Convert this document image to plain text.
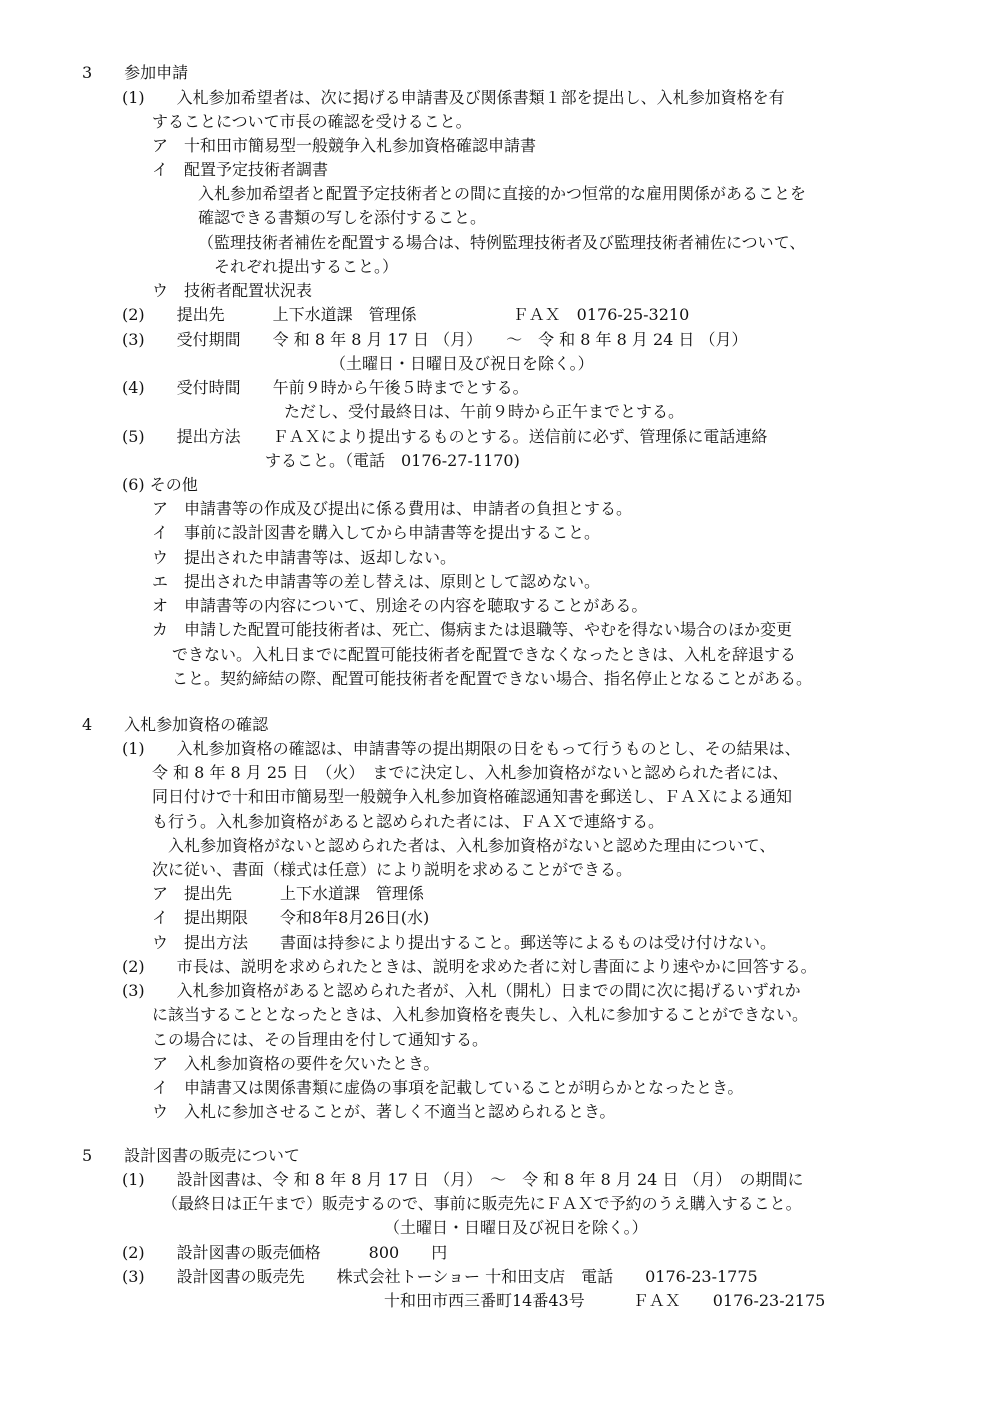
3　　参加申請
(1)　　入札参加希望者は、次に掲げる申請書及び関係書類１部を提出し、入札参加資格を有
することについて市長の確認を受けること。
ア　十和田市簡易型一般競争入札参加資格確認申請書
イ　配置予定技術者調書
入札参加希望者と配置予定技術者との間に直接的かつ恒常的な雇用関係があることを
確認できる書類の写しを添付すること。
（監理技術者補佐を配置する場合は、特例監理技術者及び監理技術者補佐について、
それぞれ提出すること。）
ウ　技術者配置状況表
(2)　　提出先　　　上下水道課　管理係　　　　　　ＦＡＸ　0176-25-3210
(3)　　受付期間　　令 和 8 年 8 月 17 日 （月）　　～　令 和 8 年 8 月 24 日 （月）
（土曜日・日曜日及び祝日を除く。）
(4)　　受付時間　　午前９時から午後５時までとする。
ただし、受付最終日は、午前９時から正午までとする。
(5)　　提出方法　　ＦＡＸにより提出するものとする。送信前に必ず、管理係に電話連絡
すること。（電話　0176-27-1170)
(6) その他
ア　申請書等の作成及び提出に係る費用は、申請者の負担とする。
イ　事前に設計図書を購入してから申請書等を提出すること。
ウ　提出された申請書等は、返却しない。
エ　提出された申請書等の差し替えは、原則として認めない。
オ　申請書等の内容について、別途その内容を聴取することがある。
カ　申請した配置可能技術者は、死亡、傷病または退職等、やむを得ない場合のほか変更
できない。入札日までに配置可能技術者を配置できなくなったときは、入札を辞退する
こと。契約締結の際、配置可能技術者を配置できない場合、指名停止となることがある。
4　　入札参加資格の確認
(1)　　入札参加資格の確認は、申請書等の提出期限の日をもって行うものとし、その結果は、
令 和 8 年 8 月 25 日　（火）　までに決定し、入札参加資格がないと認められた者には、
同日付けで十和田市簡易型一般競争入札参加資格確認通知書を郵送し、ＦＡＸによる通知
も行う。入札参加資格があると認められた者には、ＦＡＸで連絡する。
　入札参加資格がないと認められた者は、入札参加資格がないと認めた理由について、
次に従い、書面（様式は任意）により説明を求めることができる。
ア　提出先　　　上下水道課　管理係
イ　提出期限　　令和8年8月26日(水)
ウ　提出方法　　書面は持参により提出すること。郵送等によるものは受け付けない。
(2)　　市長は、説明を求められたときは、説明を求めた者に対し書面により速やかに回答する。
(3)　　入札参加資格があると認められた者が、入札（開札）日までの間に次に掲げるいずれか
に該当することとなったときは、入札参加資格を喪失し、入札に参加することができない。
この場合には、その旨理由を付して通知する。
ア　入札参加資格の要件を欠いたとき。
イ　申請書又は関係書類に虚偽の事項を記載していることが明らかとなったとき。
ウ　入札に参加させることが、著しく不適当と認められるとき。
5　　設計図書の販売について
(1)　　設計図書は、令 和 8 年 8 月 17 日 （月）　～　令 和 8 年 8 月 24 日 （月）　の期間に
（最終日は正午まで）販売するので、事前に販売先にＦＡＸで予約のうえ購入すること。
（土曜日・日曜日及び祝日を除く。）
(2)　　設計図書の販売価格　　　800　　円
(3)　　設計図書の販売先　　株式会社トーショー 十和田支店　電話　　0176-23-1775
十和田市西三番町14番43号　　　ＦＡＸ　　0176-23-2175
